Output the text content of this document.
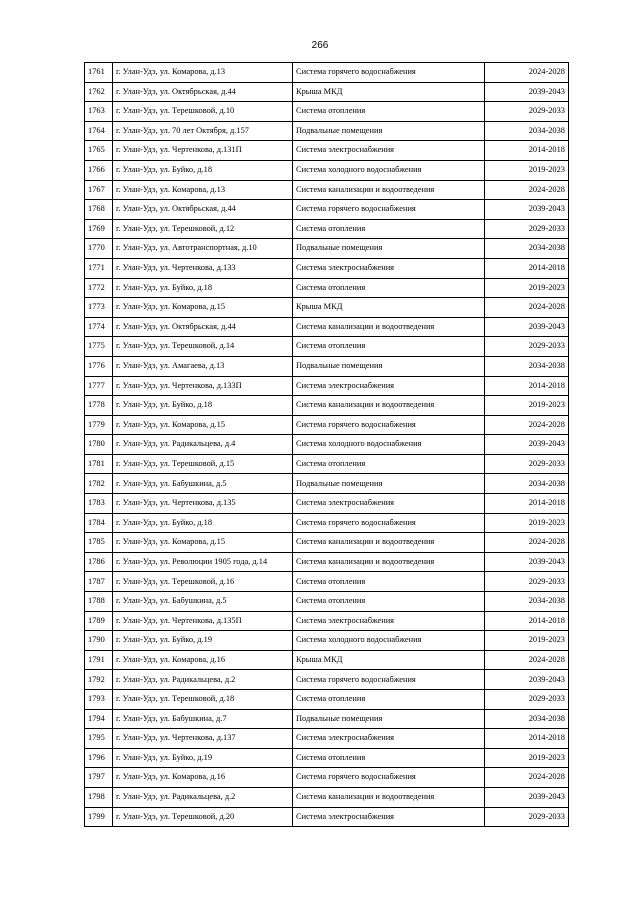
266
1761	г. Улан-Удэ, ул. Комарова, д.13	Система горячего водоснабжения	2024-2028
1762	г. Улан-Удэ, ул. Октябрьская, д.44	Крыша МКД	2039-2043
1763	г. Улан-Удэ, ул. Терешковой, д.10	Система отопления	2029-2033
1764	г. Улан-Удэ, ул. 70 лет Октября, д.157	Подвальные помещения	2034-2038
1765	г. Улан-Удэ, ул. Чертенкова, д.131П	Система электроснабжения	2014-2018
1766	г. Улан-Удэ, ул. Буйко, д.18	Система холодного водоснабжения	2019-2023
1767	г. Улан-Удэ, ул. Комарова, д.13	Система канализации и водоотведения	2024-2028
1768	г. Улан-Удэ, ул. Октябрьская, д.44	Система горячего водоснабжения	2039-2043
1769	г. Улан-Удэ, ул. Терешковой, д.12	Система отопления	2029-2033
1770	г. Улан-Удэ, ул. Автотранспортная, д.10	Подвальные помещения	2034-2038
1771	г. Улан-Удэ, ул. Чертенкова, д.133	Система электроснабжения	2014-2018
1772	г. Улан-Удэ, ул. Буйко, д.18	Система отопления	2019-2023
1773	г. Улан-Удэ, ул. Комарова, д.15	Крыша МКД	2024-2028
1774	г. Улан-Удэ, ул. Октябрьская, д.44	Система канализации и водоотведения	2039-2043
1775	г. Улан-Удэ, ул. Терешковой, д.14	Система отопления	2029-2033
1776	г. Улан-Удэ, ул. Амагаева, д.13	Подвальные помещения	2034-2038
1777	г. Улан-Удэ, ул. Чертенкова, д.133П	Система электроснабжения	2014-2018
1778	г. Улан-Удэ, ул. Буйко, д.18	Система канализации и водоотведения	2019-2023
1779	г. Улан-Удэ, ул. Комарова, д.15	Система горячего водоснабжения	2024-2028
1780	г. Улан-Удэ, ул. Радикальцева, д.4	Система холодного водоснабжения	2039-2043
1781	г. Улан-Удэ, ул. Терешковой, д.15	Система отопления	2029-2033
1782	г. Улан-Удэ, ул. Бабушкина, д.5	Подвальные помещения	2034-2038
1783	г. Улан-Удэ, ул. Чертенкова, д.135	Система электроснабжения	2014-2018
1784	г. Улан-Удэ, ул. Буйко, д.18	Система горячего водоснабжения	2019-2023
1785	г. Улан-Удэ, ул. Комарова, д.15	Система канализации и водоотведения	2024-2028
1786	г. Улан-Удэ, ул. Революции 1905 года, д.14	Система канализации и водоотведения	2039-2043
1787	г. Улан-Удэ, ул. Терешковой, д.16	Система отопления	2029-2033
1788	г. Улан-Удэ, ул. Бабушкина, д.5	Система отопления	2034-2038
1789	г. Улан-Удэ, ул. Чертенкова, д.135П	Система электроснабжения	2014-2018
1790	г. Улан-Удэ, ул. Буйко, д.19	Система холодного водоснабжения	2019-2023
1791	г. Улан-Удэ, ул. Комарова, д.16	Крыша МКД	2024-2028
1792	г. Улан-Удэ, ул. Радикальцева, д.2	Система горячего водоснабжения	2039-2043
1793	г. Улан-Удэ, ул. Терешковой, д.18	Система отопления	2029-2033
1794	г. Улан-Удэ, ул. Бабушкина, д.7	Подвальные помещения	2034-2038
1795	г. Улан-Удэ, ул. Чертенкова, д.137	Система электроснабжения	2014-2018
1796	г. Улан-Удэ, ул. Буйко, д.19	Система отопления	2019-2023
1797	г. Улан-Удэ, ул. Комарова, д.16	Система горячего водоснабжения	2024-2028
1798	г. Улан-Удэ, ул. Радикальцева, д.2	Система канализации и водоотведения	2039-2043
1799	г. Улан-Удэ, ул. Терешковой, д.20	Система электроснабжения	2029-2033
